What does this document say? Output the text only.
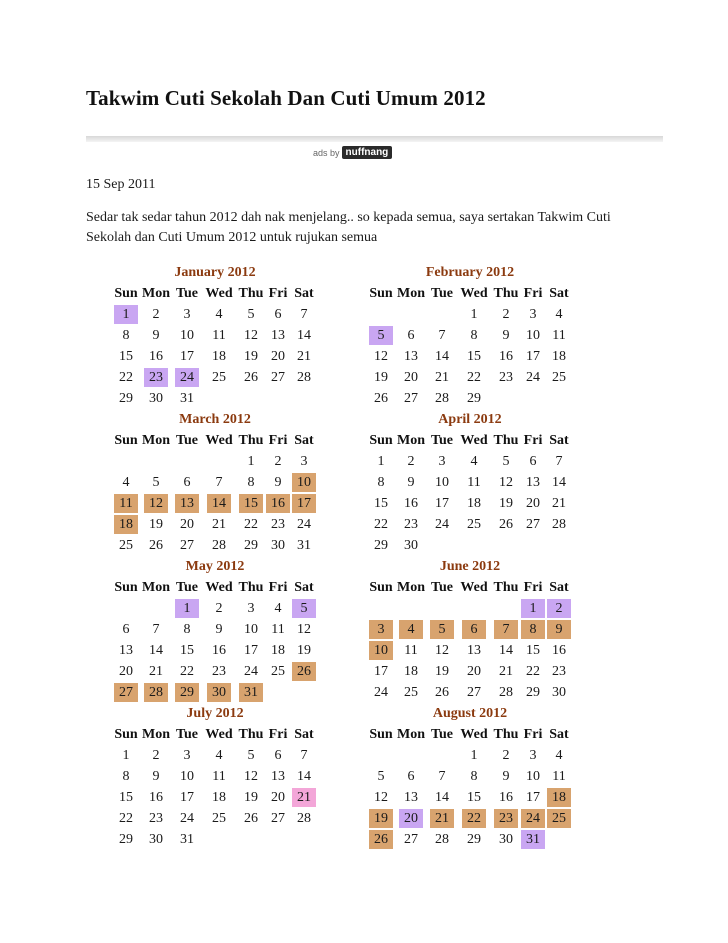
Takwim Cuti Sekolah Dan Cuti Umum 2012
ads by nuffnang
15 Sep 2011

Sedar tak sedar tahun 2012 dah nak menjelang.. so kepada semua, saya sertakan Takwim Cuti Sekolah dan Cuti Umum 2012 untuk rujukan semua

January 2012
Sun	Mon	Tue	Wed	Thu	Fri	Sat
1	2	3	4	5	6	7
8	9	10	11	12	13	14
15	16	17	18	19	20	21
22	23	24	25	26	27	28
29	30	31				
February 2012
Sun	Mon	Tue	Wed	Thu	Fri	Sat
			1	2	3	4
5	6	7	8	9	10	11
12	13	14	15	16	17	18
19	20	21	22	23	24	25
26	27	28	29			
March 2012
Sun	Mon	Tue	Wed	Thu	Fri	Sat
				1	2	3
4	5	6	7	8	9	10
11	12	13	14	15	16	17
18	19	20	21	22	23	24
25	26	27	28	29	30	31
April 2012
Sun	Mon	Tue	Wed	Thu	Fri	Sat
1	2	3	4	5	6	7
8	9	10	11	12	13	14
15	16	17	18	19	20	21
22	23	24	25	26	27	28
29	30					
May 2012
Sun	Mon	Tue	Wed	Thu	Fri	Sat
		1	2	3	4	5
6	7	8	9	10	11	12
13	14	15	16	17	18	19
20	21	22	23	24	25	26
27	28	29	30	31		
June 2012
Sun	Mon	Tue	Wed	Thu	Fri	Sat
					1	2
3	4	5	6	7	8	9
10	11	12	13	14	15	16
17	18	19	20	21	22	23
24	25	26	27	28	29	30
July 2012
Sun	Mon	Tue	Wed	Thu	Fri	Sat
1	2	3	4	5	6	7
8	9	10	11	12	13	14
15	16	17	18	19	20	21
22	23	24	25	26	27	28
29	30	31				
August 2012
Sun	Mon	Tue	Wed	Thu	Fri	Sat
			1	2	3	4
5	6	7	8	9	10	11
12	13	14	15	16	17	18
19	20	21	22	23	24	25
26	27	28	29	30	31	
